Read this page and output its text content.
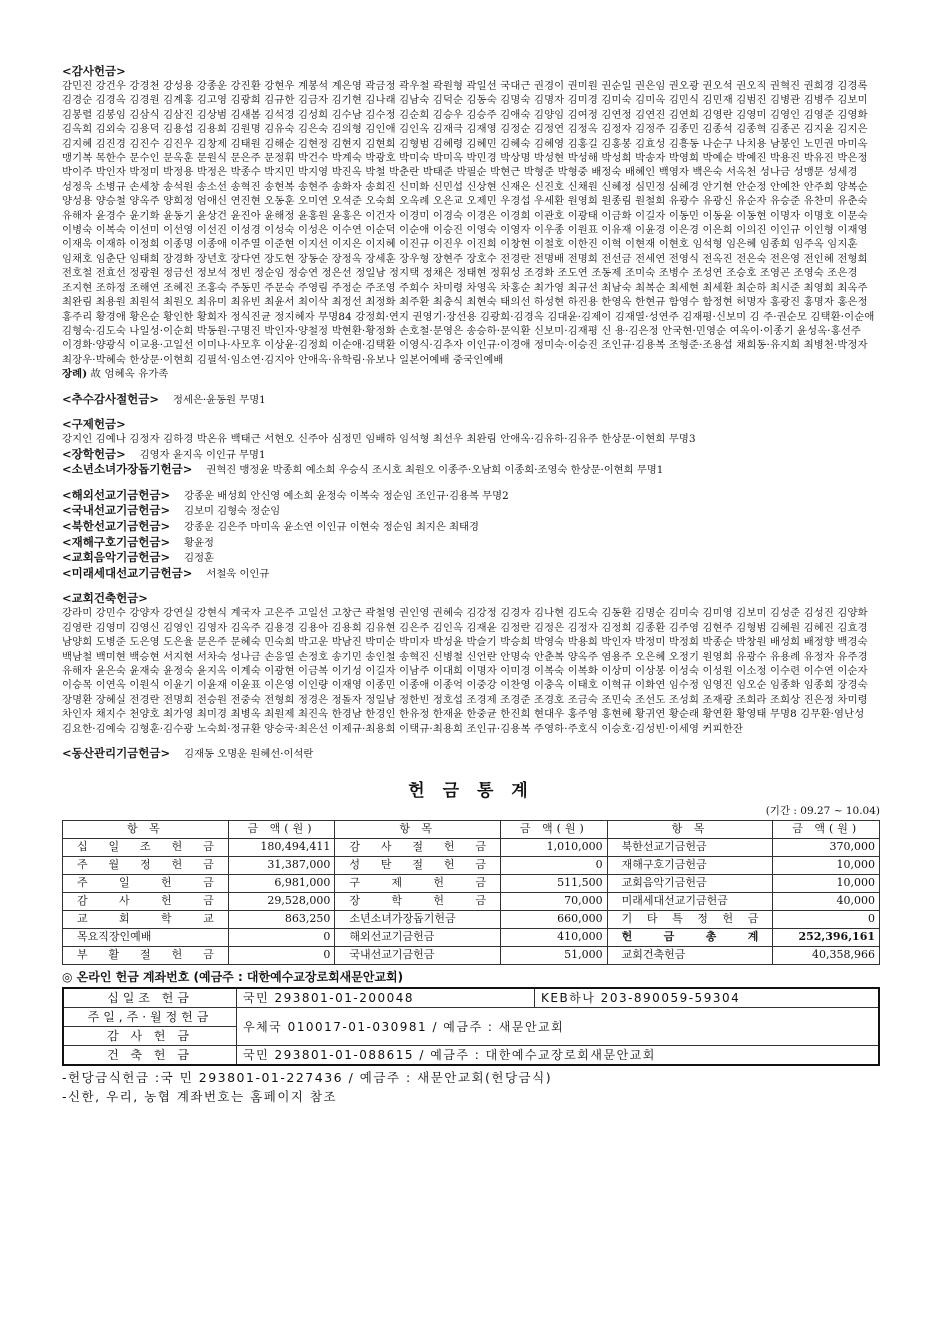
<감사헌금>
감민진 강건우 강경천 강성용 강종운 강진환 강현우 계봉석 계은영 곽금정 곽우철 곽원형 곽일선 국대근 권경이 권미원 권순일 권은임 권오광 권오석 권오직 권혁진 권희경 김경록 김경순 김경옥 김경원 김계홍 김고영 김광희 김규한 김금자 김기현 김나래 김남숙 김덕순 김동숙 김명숙 김명자 김미경 김미숙 김미옥 김민식 김민재 김범진 김병관 김병주 김보미 김봉렬 김봉임 김삼식 김삼진 김상범 김새봄 김석경 김성희 김수남 김수정 김순희 김승우 김승주 김애숙 김양임 김여정 김연정 김연진 김연희 김영란 김영미 김영인 김영준 김영화 김옥희 김외숙 김용덕 김용섭 김용희 김원명 김유숙 김은숙 김의형 김인애 김인옥 김재극 김재영 김정순 김정연 김정옥 김정자 김정주 김종민 김종석 김종혁 김종곤 김지윤 김지은 김지혜 김진경 김진수 김진우 김창제 김태원 김해순 김현정 김현지 김현희 김형범 김혜령 김혜민 김혜숙 김혜영 김홍길 김홍봉 김효성 김흥동 나순구 나치용 남봉인 노민권 마미옥 맹기복 목한수 문수인 문옥훈 문원식 문은주 문정휘 박건수 박계숙 박광호 박미숙 박미옥 박민경 박상명 박성현 박성해 박성희 박송자 박영희 박예순 박예진 박용진 박유진 박은정 박이주 박인자 박정미 박정용 박정은 박종수 박지민 박지영 박진옥 박철 박춘란 박태준 박필순 박현근 박형준 박형중 배정숙 배혜인 백영자 백은숙 서옥천 성나금 성맹문 성세경 성정욱 소병규 손세창 송석원 송소선 송혁진 송현복 송현주 송화자 송희진 신미화 신민섭 신상현 신재은 신진호 신채원 신혜정 심민정 심혜경 안기현 안순정 안예찬 안주희 양복순 양성용 양승철 양옥주 양희정 엄애신 연진현 오동훈 오미연 오석준 오숙희 오옥례 오은교 오제민 우경섭 우세환 원영희 원종림 원철희 유광수 유광신 유순자 유승준 유찬미 유춘숙 유해자 윤경수 윤기화 윤동기 윤상건 윤진아 윤해정 윤홍원 윤홍은 이건자 이경미 이경숙 이경은 이경희 이관호 이광태 이금화 이길자 이동민 이동윤 이동현 이명자 이명호 이문숙 이병숙 이복숙 이선미 이선영 이선진 이성경 이성숙 이성은 이수연 이순덕 이순애 이승진 이영숙 이영자 이우종 이원표 이유재 이윤경 이은경 이은희 이의진 이인규 이인형 이재영 이재욱 이재하 이정희 이종명 이종애 이주열 이준현 이지선 이지은 이지혜 이진규 이진우 이진희 이창현 이철호 이한진 이혁 이현재 이현호 임석형 임은혜 임종희 임주옥 임지훈 임채호 임춘단 임태희 장경화 장년호 장다연 장도현 장동순 장정옥 장세훈 장우형 장현주 장호수 전경란 전명배 전명희 전선금 전세연 전영식 전옥진 전은숙 전은영 전인혜 전형희 전호철 전효선 정광원 정금선 정보석 정빈 정순임 정승연 정은선 정일남 정지택 정채은 정태현 정휘성 조경화 조도연 조동제 조미숙 조병수 조성연 조승호 조영곤 조영숙 조은경 조지현 조하정 조해연 조혜진 조홍숙 주동민 주문숙 주영림 주정순 주조영 주희수 차미령 차영옥 차홍순 최가영 최규선 최남숙 최복순 최세현 최세환 최순하 최시준 최영희 최옥주 최완림 최용원 최원석 최원오 최유미 최유빈 최윤서 최이삭 최정선 최정화 최주환 최충식 최현숙 태의선 하성현 하진용 한영옥 한현규 함영수 함정현 허명자 홍광진 홍명자 홍은정 홍주리 황경애 황은순 황인한 황희자 정식진균 정지혜자 무명84 강정희·연지 권영기·장선용 김광희·김경옥 김대윤·김제이 김재열·성연주 김재평·신보미 김 주·권순모 김택환·이순애 김형숙·김도숙 나일성·이순희 박동원·구명진 박인자·양철정 박현환·황정화 손호철·문영은 송승하·문익환 신보미·김재평 신 용·김은정 안국현·민영순 여옥이·이종기 윤성옥·홍선주 이경화·양광식 이교용·고일선 이미나·사모후 이상윤·김정희 이순애·김택환 이영식·김추자 이인규·이경애 정미숙·이승진 조인규·김용복 조형준·조용섭 채희동·유지희 최병천·박정자 최장우·박혜숙 한상문·이현희 김필석·임소연·김지아 안애옥·유학림·유보나 일본어예배 중국인예배
장례) 故 엄혜옥 유가족
<추수감사절헌금> 정세은·윤동원 무명1
<구제헌금>
강지인 김예나 김정자 김하경 박온유 백태근 서현오 신주아 심정민 임배하 임석형 최선우 최완림 안애옥·김유하·김유주 한상문·이현희 무명3
<장학헌금> 김영자 윤지옥 이인규 무명1
<소년소녀가장돕기헌금> 권혁진 맹정윤 박종희 예소희 우승식 조시호 최원오 이종주·오남희 이종희·조영숙 한상문·이현희 무명1
<해외선교기금헌금> 강종운 배성희 안신영 예소희 윤정숙 이복숙 정순임 조인규·김용복 무명2
<국내선교기금헌금> 김보미 김형숙 정순임
<북한선교기금헌금> 강종운 김은주 마미옥 윤소연 이인규 이현숙 정순임 최지은 최태경
<재해구호기금헌금> 황윤정
<교회음악기금헌금> 김정훈
<미래세대선교기금헌금> 서철욱 이인규
<교회건축헌금>
강라미 강민수 강양자 강연실 강현식 계국자 고은주 고일선 고창근 곽철영 권인영 권혜숙 김강정 김경자 김나현 김도숙 김동환 김명순 김미숙 김미영 김보미 김성준 김성진 김양화 김영란 김영미 김영신 김영인 김영자 김옥주 김용경 김용아 김용희 김유현 김은주 김인옥 김재윤 김정란 김정은 김정자 김정희 김종환 김주영 김현주 김형범 김혜원 김혜진 김효경 남양희 도병준 도은영 도은율 문은주 문혜숙 민숙희 박고운 박남진 박미순 박미자 박성윤 박슬기 박승희 박영숙 박용희 박인자 박정미 박정희 박종순 박창원 배성희 배정향 백경숙 백남철 백미현 백승현 서지현 서차숙 성나금 손응열 손정호 송기민 송인철 송혁진 신병철 신언란 안명숙 안춘복 양옥주 염용주 오은혜 오정기 원영희 유광수 유용례 유정자 유주경 유해자 윤은숙 윤재숙 윤정숙 윤지옥 이계숙 이광현 이금복 이기성 이길자 이남주 이대희 이명자 이미경 이복숙 이복화 이상미 이상봉 이성숙 이성원 이소정 이수련 이수연 이순자 이승목 이연옥 이원식 이윤기 이윤재 이윤표 이은영 이인량 이재영 이종민 이종애 이종억 이중강 이찬영 이충옥 이태호 이혁규 이화연 임수정 임영진 임오순 임종화 임종희 장경숙 장명환 장혜실 전경란 전명희 전승원 전중숙 전형희 정경은 정돌자 정일남 정한빈 정호섭 조경제 조경준 조경호 조금숙 조민숙 조선도 조성희 조재광 조희라 조희상 진은정 차미령 차인자 채지수 천양호 최가영 최미경 최병옥 최원제 최진옥 한경남 한경인 한유정 한재윤 한중균 한진희 현대우 홍주영 홍현혜 황귀연 황순래 황연환 황영태 무명8 김무환·염난성 김요한·김예숙 김형훈·김수광 노숙희·정규환 양승국·최은선 이제규·최용희 이택규·최용희 조인규·김용복 주영하·주호식 이승호·김성빈·이세영 커피한잔
<동산관리기금헌금> 김재동 오명운 원혜선·이석란
헌 금 통 계
(기간 : 09.27 ~ 10.04)
항 목	금 액(원)	항 목	금 액(원)	항 목	금 액(원)
십 일 조 헌 금	180,494,411	감 사 절 헌 금	1,010,000	북한선교기금헌금	370,000
주 월 정 헌 금	31,387,000	성 탄 절 헌 금	0	재해구호기금헌금	10,000
주 일 헌 금	6,981,000	구 제 헌 금	511,500	교회음악기금헌금	10,000
감 사 헌 금	29,528,000	장 학 헌 금	70,000	미래세대선교기금헌금	40,000
교 회 학 교	863,250	소년소녀가장돕기헌금	660,000	기 타 특 정 헌 금	0
목요직장인예배	0	해외선교기금헌금	410,000	헌 금 총 계	252,396,161
부 활 절 헌 금	0	국내선교기금헌금	51,000	교회건축헌금	40,358,966
◎ 온라인 헌금 계좌번호 (예금주 : 대한예수교장로회새문안교회)
십일조 헌금	국민 293801-01-200048	KEB하나 203-890059-59304
주일,주·월정헌금	우체국 010017-01-030981 / 예금주 : 새문안교회	
감 사 헌 금		
건 축 헌 금	국민 293801-01-088615 / 예금주 : 대한예수교장로회새문안교회	
-헌당금식헌금 :국 민 293801-01-227436 / 예금주 : 새문안교회(헌당금식)
-신한, 우리, 농협 계좌번호는 홈페이지 참조
